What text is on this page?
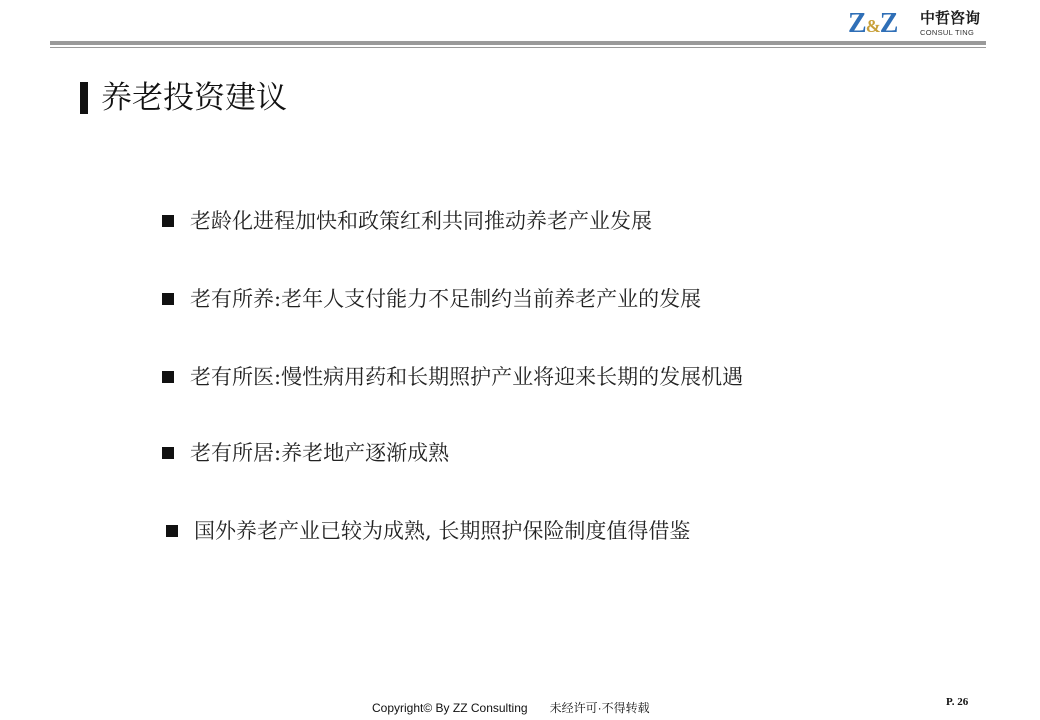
Z&Z 中哲咨询
CONSUL TING
养老投资建议
老龄化进程加快和政策红利共同推动养老产业发展
老有所养:老年人支付能力不足制约当前养老产业的发展
老有所医:慢性病用药和长期照护产业将迎来长期的发展机遇
老有所居:养老地产逐渐成熟
国外养老产业已较为成熟, 长期照护保险制度值得借鉴
Copyright© By ZZ Consulting 未经许可·不得转载	P. 26
